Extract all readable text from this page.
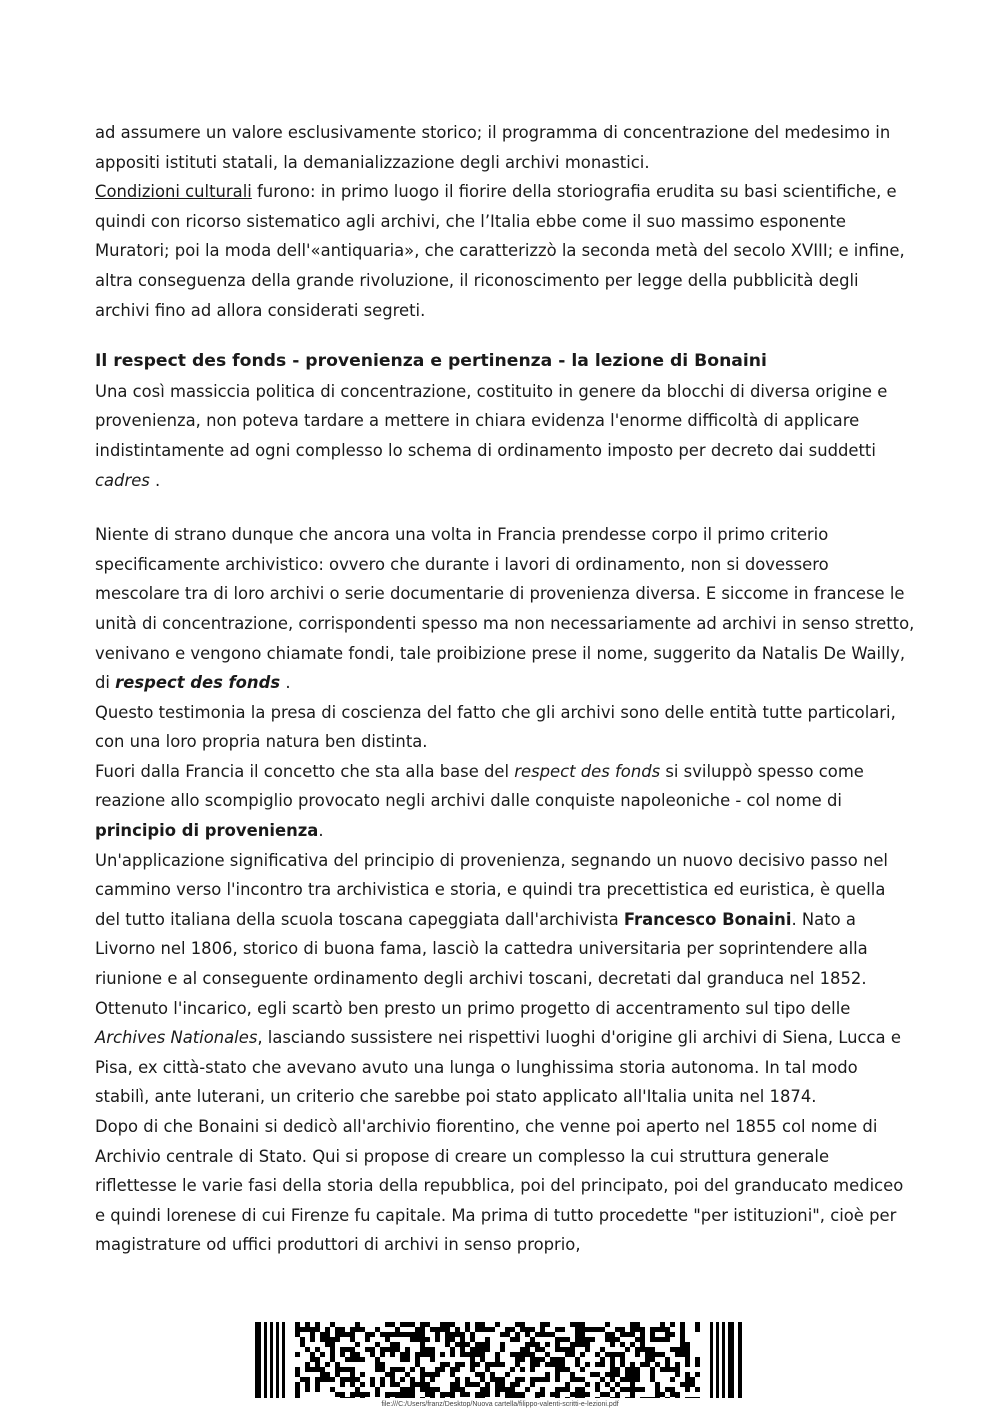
ad assumere un valore esclusivamente storico; il programma di concentrazione del medesimo in appositi istituti statali, la demanializzazione degli archivi monastici.

Condizioni culturali furono: in primo luogo il fiorire della storiografia erudita su basi scientifiche, e quindi con ricorso sistematico agli archivi, che l’Italia ebbe come il suo massimo esponente Muratori; poi la moda dell'«antiquaria», che caratterizzò la seconda metà del secolo XVIII; e infine, altra conseguenza della grande rivoluzione, il riconoscimento per legge della pubblicità degli archivi fino ad allora considerati segreti.

Il respect des fonds - provenienza e pertinenza - la lezione di Bonaini

Una così massiccia politica di concentrazione, costituito in genere da blocchi di diversa origine e provenienza, non poteva tardare a mettere in chiara evidenza l'enorme difficoltà di applicare indistintamente ad ogni complesso lo schema di ordinamento imposto per decreto dai suddetti cadres .

Niente di strano dunque che ancora una volta in Francia prendesse corpo il primo criterio specificamente archivistico: ovvero che durante i lavori di ordinamento, non si dovessero mescolare tra di loro archivi o serie documentarie di provenienza diversa. E siccome in francese le unità di concentrazione, corrispondenti spesso ma non necessariamente ad archivi in senso stretto, venivano e vengono chiamate fondi, tale proibizione prese il nome, suggerito da Natalis De Wailly, di respect des fonds .

Questo testimonia la presa di coscienza del fatto che gli archivi sono delle entità tutte particolari, con una loro propria natura ben distinta.

Fuori dalla Francia il concetto che sta alla base del respect des fonds si sviluppò spesso come reazione allo scompiglio provocato negli archivi dalle conquiste napoleoniche - col nome di principio di provenienza.

Un'applicazione significativa del principio di provenienza, segnando un nuovo decisivo passo nel cammino verso l'incontro tra archivistica e storia, e quindi tra precettistica ed euristica, è quella del tutto italiana della scuola toscana capeggiata dall'archivista Francesco Bonaini. Nato a Livorno nel 1806, storico di buona fama, lasciò la cattedra universitaria per soprintendere alla riunione e al conseguente ordinamento degli archivi toscani, decretati dal granduca nel 1852. Ottenuto l'incarico, egli scartò ben presto un primo progetto di accentramento sul tipo delle Archives Nationales, lasciando sussistere nei rispettivi luoghi d'origine gli archivi di Siena, Lucca e Pisa, ex città-stato che avevano avuto una lunga o lunghissima storia autonoma. In tal modo stabilì, ante luterani, un criterio che sarebbe poi stato applicato all'Italia unita nel 1874.

Dopo di che Bonaini si dedicò all'archivio fiorentino, che venne poi aperto nel 1855 col nome di Archivio centrale di Stato. Qui si propose di creare un complesso la cui struttura generale riflettesse le varie fasi della storia della repubblica, poi del principato, poi del granducato mediceo e quindi lorenese di cui Firenze fu capitale. Ma prima di tutto procedette "per istituzioni", cioè per magistrature od uffici produttori di archivi in senso proprio,

file:///C:/Users/franz/Desktop/Nuova cartella/filippo-valenti-scritti-e-lezioni.pdf
